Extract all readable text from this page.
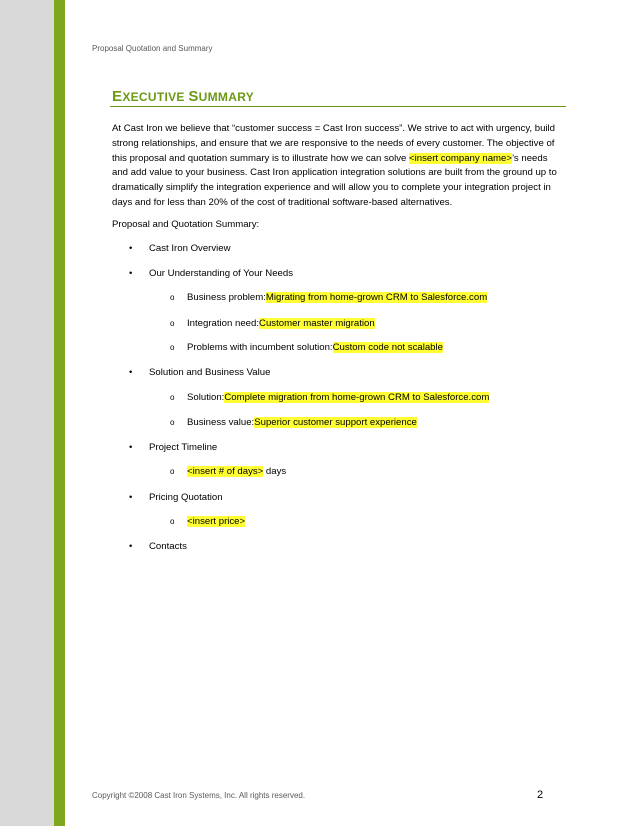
Proposal Quotation and Summary
EXECUTIVE SUMMARY
At Cast Iron we believe that “customer success = Cast Iron success”. We strive to act with urgency, build strong relationships, and ensure that we are responsive to the needs of every customer. The objective of this proposal and quotation summary is to illustrate how we can solve <insert company name>’s needs and add value to your business. Cast Iron application integration solutions are built from the ground up to dramatically simplify the integration experience and will allow you to complete your integration project in days and for less than 20% of the cost of traditional software-based alternatives.
Proposal and Quotation Summary:
•	Cast Iron Overview
•	Our Understanding of Your Needs
o	Business problem: Migrating from home-grown CRM to Salesforce.com
o	Integration need: Customer master migration
o	Problems with incumbent solution: Custom code not scalable
•	Solution and Business Value
o	Solution: Complete migration from home-grown CRM to Salesforce.com
o	Business value: Superior customer support experience
•	Project Timeline
o	<insert # of days> days
•	Pricing Quotation
o	<insert price>
•	Contacts
Copyright ©2008 Cast Iron Systems, Inc. All rights reserved.	2
